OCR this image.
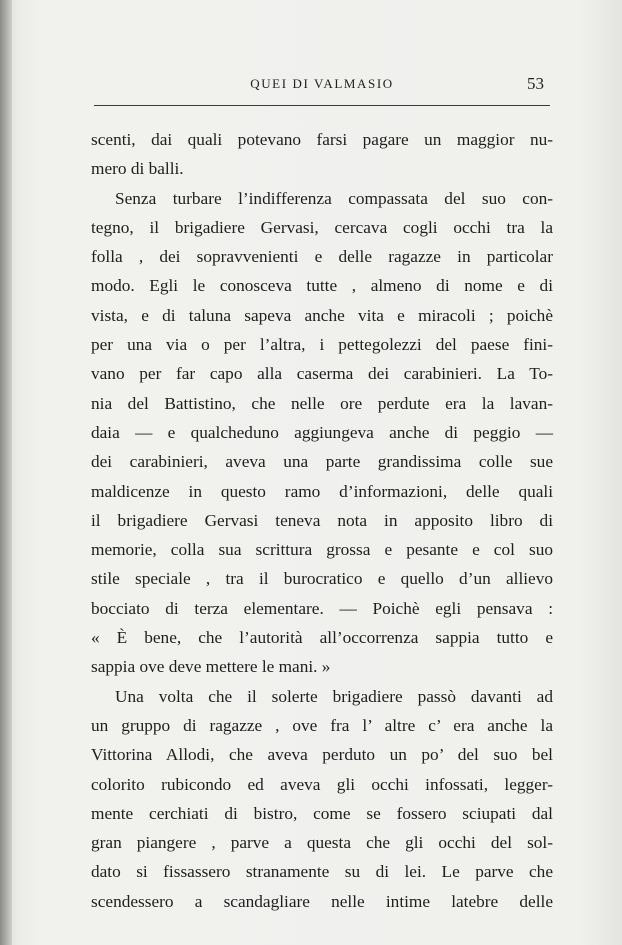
QUEI DI VALMASIO	53
scenti, dai quali potevano farsi pagare un maggior nu-
mero di balli.
Senza turbare l’indifferenza compassata del suo con-
tegno, il brigadiere Gervasi, cercava cogli occhi tra la
folla , dei sopravvenienti e delle ragazze in particolar
modo. Egli le conosceva tutte , almeno di nome e di
vista, e di taluna sapeva anche vita e miracoli ; poichè
per una via o per l’altra, i pettegolezzi del paese fini-
vano per far capo alla caserma dei carabinieri. La To-
nia del Battistino, che nelle ore perdute era la lavan-
daia — e qualcheduno aggiungeva anche di peggio —
dei carabinieri, aveva una parte grandissima colle sue
maldicenze in questo ramo d’informazioni, delle quali
il brigadiere Gervasi teneva nota in apposito libro di
memorie, colla sua scrittura grossa e pesante e col suo
stile speciale , tra il burocratico e quello d’un allievo
bocciato di terza elementare. — Poichè egli pensava :
« È bene, che l’autorità all’occorrenza sappia tutto e
sappia ove deve mettere le mani. »
Una volta che il solerte brigadiere passò davanti ad
un gruppo di ragazze , ove fra l’ altre c’ era anche la
Vittorina Allodi, che aveva perduto un po’ del suo bel
colorito rubicondo ed aveva gli occhi infossati, legger-
mente cerchiati di bistro, come se fossero sciupati dal
gran piangere , parve a questa che gli occhi del sol-
dato si fissassero stranamente su di lei. Le parve che
scendessero a scandagliare nelle intime latebre delle
